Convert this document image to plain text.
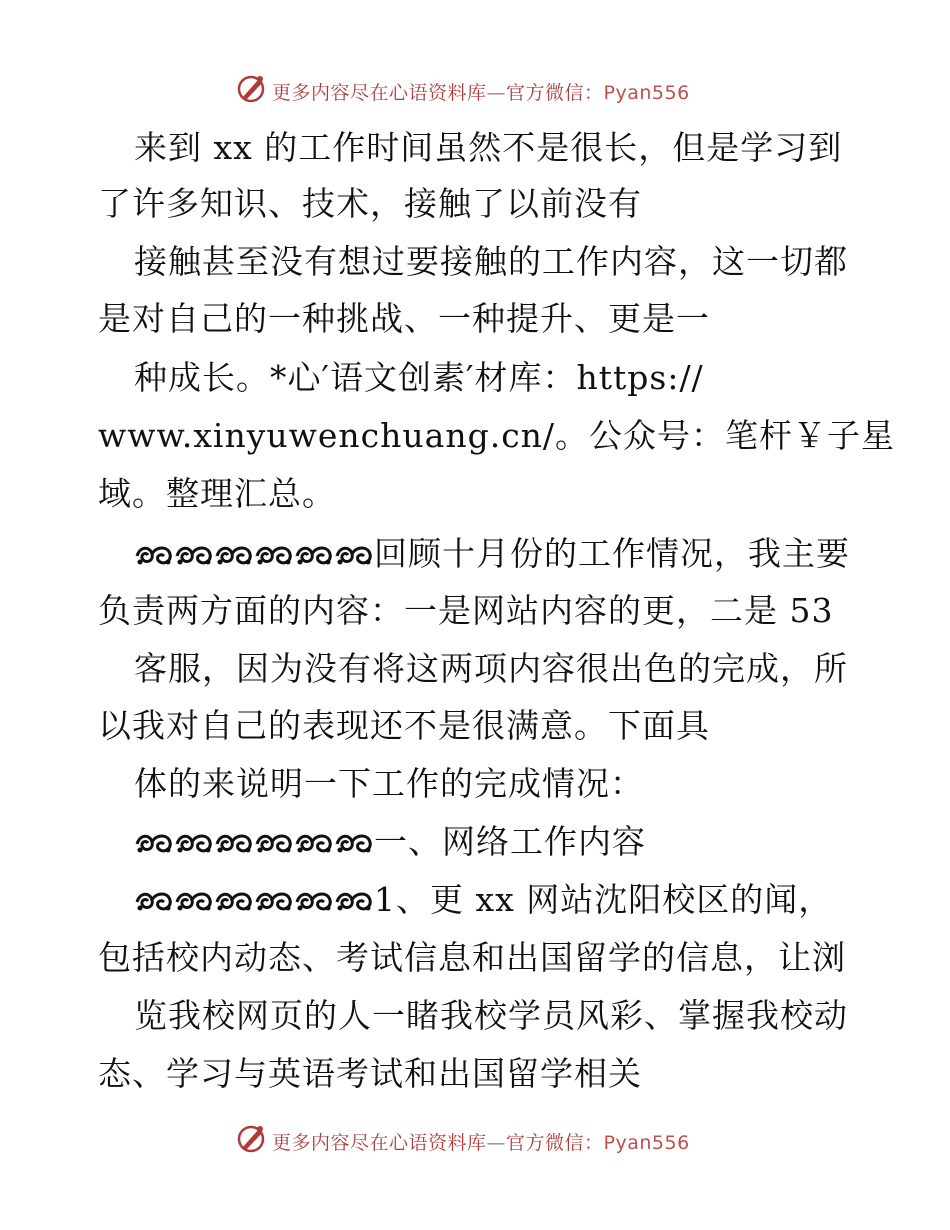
更多内容尽在心语资料库—官方微信：Pyan556
来到 xx 的工作时间虽然不是很长，但是学习到
了许多知识、技术，接触了以前没有
接触甚至没有想过要接触的工作内容，这一切都
是对自己的一种挑战、一种提升、更是一
种成长。*心′语文创素′材库：https://
www.xinyuwenchuang.cn/。公众号：笔杆￥子星
域。整理汇总。
回顾十月份的工作情况，我主要
负责两方面的内容：一是网站内容的更，二是 53
客服，因为没有将这两项内容很出色的完成，所
以我对自己的表现还不是很满意。下面具
体的来说明一下工作的完成情况：
一、网络工作内容
1、更 xx 网站沈阳校区的闻，
包括校内动态、考试信息和出国留学的信息，让浏
览我校网页的人一睹我校学员风彩、掌握我校动
态、学习与英语考试和出国留学相关
更多内容尽在心语资料库—官方微信：Pyan556
